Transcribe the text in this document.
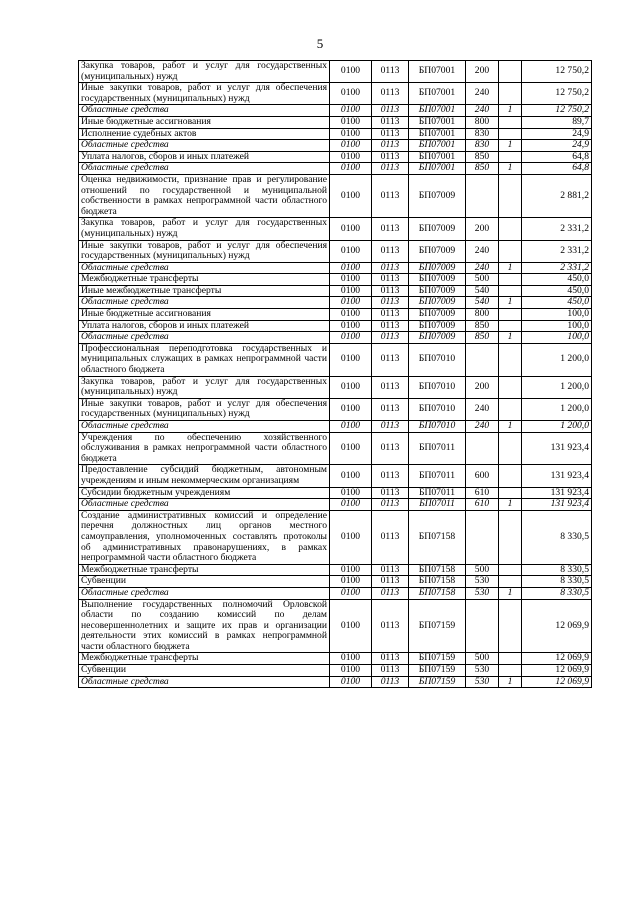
5
Закупка товаров, работ и услуг для государственных (муниципальных) нужд	0100	0113	БП07001	200		12 750,2
Иные закупки товаров, работ и услуг для обеспечения государственных (муниципальных) нужд	0100	0113	БП07001	240		12 750,2
Областные средства	0100	0113	БП07001	240	1	12 750,2
Иные бюджетные ассигнования	0100	0113	БП07001	800		89,7
Исполнение судебных актов	0100	0113	БП07001	830		24,9
Областные средства	0100	0113	БП07001	830	1	24,9
Уплата налогов, сборов и иных платежей	0100	0113	БП07001	850		64,8
Областные средства	0100	0113	БП07001	850	1	64,8
Оценка недвижимости, признание прав и регулирование отношений по государственной и муниципальной собственности в рамках непрограммной части областного бюджета	0100	0113	БП07009			2 881,2
Закупка товаров, работ и услуг для государственных (муниципальных) нужд	0100	0113	БП07009	200		2 331,2
Иные закупки товаров, работ и услуг для обеспечения государственных (муниципальных) нужд	0100	0113	БП07009	240		2 331,2
Областные средства	0100	0113	БП07009	240	1	2 331,2
Межбюджетные трансферты	0100	0113	БП07009	500		450,0
Иные межбюджетные трансферты	0100	0113	БП07009	540		450,0
Областные средства	0100	0113	БП07009	540	1	450,0
Иные бюджетные ассигнования	0100	0113	БП07009	800		100,0
Уплата налогов, сборов и иных платежей	0100	0113	БП07009	850		100,0
Областные средства	0100	0113	БП07009	850	1	100,0
Профессиональная переподготовка государственных и муниципальных служащих в рамках непрограммной части областного бюджета	0100	0113	БП07010			1 200,0
Закупка товаров, работ и услуг для государственных (муниципальных) нужд	0100	0113	БП07010	200		1 200,0
Иные закупки товаров, работ и услуг для обеспечения государственных (муниципальных) нужд	0100	0113	БП07010	240		1 200,0
Областные средства	0100	0113	БП07010	240	1	1 200,0
Учреждения по обеспечению хозяйственного обслуживания в рамках непрограммной части областного бюджета	0100	0113	БП07011			131 923,4
Предоставление субсидий бюджетным, автономным учреждениям и иным некоммерческим организациям	0100	0113	БП07011	600		131 923,4
Субсидии бюджетным учреждениям	0100	0113	БП07011	610		131 923,4
Областные средства	0100	0113	БП07011	610	1	131 923,4
Создание административных комиссий и определение перечня должностных лиц органов местного самоуправления, уполномоченных составлять протоколы об административных правонарушениях, в рамках непрограммной части областного бюджета	0100	0113	БП07158			8 330,5
Межбюджетные трансферты	0100	0113	БП07158	500		8 330,5
Субвенции	0100	0113	БП07158	530		8 330,5
Областные средства	0100	0113	БП07158	530	1	8 330,5
Выполнение государственных полномочий Орловской области по созданию комиссий по делам несовершеннолетних и защите их прав и организации деятельности этих комиссий в рамках непрограммной части областного бюджета	0100	0113	БП07159			12 069,9
Межбюджетные трансферты	0100	0113	БП07159	500		12 069,9
Субвенции	0100	0113	БП07159	530		12 069,9
Областные средства	0100	0113	БП07159	530	1	12 069,9
